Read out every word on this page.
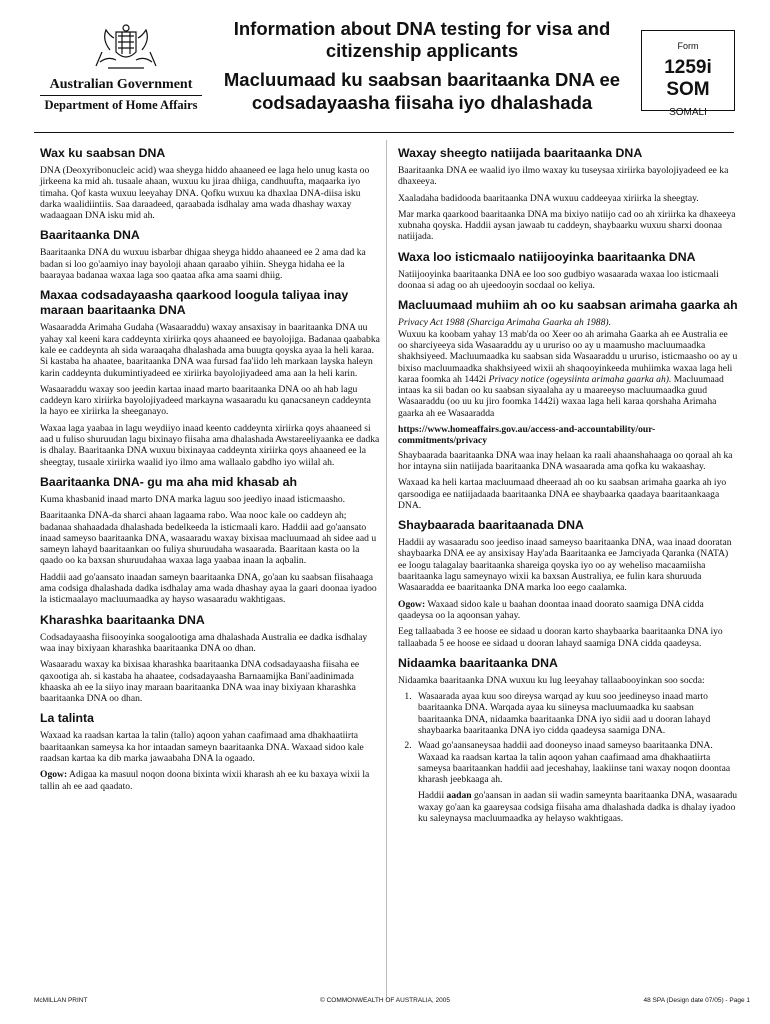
Australian Government
Department of Home Affairs
Information about DNA testing for visa and citizenship applicants
Macluumaad ku saabsan baaritaanka DNA ee codsadayaasha fiisaha iyo dhalashada
Form
1259i SOM
SOMALI
Wax ku saabsan DNA

DNA (Deoxyribonucleic acid) waa sheyga hiddo ahaaneed ee laga helo unug kasta oo jirkeena ka mid ah. tusaale ahaan, wuxuu ku jiraa dhiiga, candhuufta, maqaarka iyo timaha. Qof kasta wuxuu leeyahay DNA. Qofku wuxuu ka dhaxlaa DNA-diisa isku darka waalidiintiis. Saa daraadeed, qaraabada isdhalay ama wada dhashay waxay wadaagaan DNA isku mid ah.

Baaritaanka DNA

Baaritaanka DNA du wuxuu isbarbar dhigaa sheyga hiddo ahaaneed ee 2 ama dad ka badan si loo go'aamiyo inay bayoloji ahaan qaraabo yihiin. Sheyga hidaha ee la baarayaa badanaa waxaa laga soo qaataa afka ama saami dhiig.

Maxaa codsadayaasha qaarkood loogula taliyaa inay maraan baaritaanka DNA

Wasaaradda Arimaha Gudaha (Wasaaraddu) waxay ansaxisay in baaritaanka DNA uu yahay xal keeni kara caddeynta xiriirka qoys ahaaneed ee bayolojiga. Badanaa qaababka kale ee caddeynta ah sida waraaqaha dhalashada ama buugta qoyska ayaa la heli karaa. Si kastaba ha ahaatee, baaritaanka DNA waa fursad faa'iido leh markaan layska haleyn karin caddeynta dukumintiyadeed ee xiriirka bayolojiyadeed ama aan la heli karin.

Wasaaraddu waxay soo jeedin kartaa inaad marto baaritaanka DNA oo ah hab lagu caddeyn karo xiriirka bayolojiyadeed markayna wasaaradu ku qanacsaneyn caddeynta la hayo ee xiriirka la sheeganayo.

Waxaa laga yaabaa in lagu weydiiyo inaad keento caddeynta xiriirka qoys ahaaneed si aad u fuliso shuruudan lagu bixinayo fiisaha ama dhalashada Awstareeliyaanka ee dadka is dhalay. Baaritaanka DNA wuxuu bixinayaa caddeynta xiriirka qoys ahaaneed ee la sheegtay, tusaale xiriirka waalid iyo ilmo ama wallaalo gabdho iyo wiilal ah.

Baaritaanka DNA- gu ma aha mid khasab ah

Kuma khasbanid inaad marto DNA marka laguu soo jeediyo inaad isticmaasho.

Baaritaanka DNA-da sharci ahaan lagaama rabo. Waa nooc kale oo caddeyn ah; badanaa shahaadada dhalashada bedelkeeda la isticmaali karo. Haddii aad go'aansato inaad sameyso baaritaanka DNA, wasaaradu waxay bixisaa macluumaad ah sidee aad u sameyn lahayd baaritaankan oo fuliya shuruudaha wasaarada. Baaritaan kasta oo la qaado oo ka baxsan shuruudahaa waxaa laga yaabaa inaan la aqbalin.

Haddii aad go'aansato inaadan sameyn baaritaanka DNA, go'aan ku saabsan fiisahaaga ama codsiga dhalashada dadka isdhalay ama wada dhashay ayaa la gaari doonaa iyadoo la isticmaalayo macluumaadka ay hayso wasaaradu wakhtigaas.

Kharashka baaritaanka DNA

Codsadayaasha fiisooyinka soogalootiga ama dhalashada Australia ee dadka isdhalay waa inay bixiyaan kharashka baaritaanka DNA oo dhan.

Wasaaradu waxay ka bixisaa kharashka baaritaanka DNA codsadayaasha fiisaha ee qaxootiga ah. si kastaba ha ahaatee, codsadayaasha Barnaamijka Bani'aadinimada khaaska ah ee la siiyo inay maraan baaritaanka DNA waa inay bixiyaan kharashka baaritaanka DNA oo dhan.

La talinta

Waxaad ka raadsan kartaa la talin (tallo) aqoon yahan caafimaad ama dhakhaatiirta baaritaankan sameysa ka hor intaadan sameyn baaritaanka DNA. Waxaad sidoo kale raadsan kartaa ka dib marka jawaabaha DNA la ogaado.

Ogow: Adigaa ka masuul noqon doona bixinta wixii kharash ah ee ku baxaya wixii la tallin ah ee aad qaadato.

Waxay sheegto natiijada baaritaanka DNA

Baaritaanka DNA ee waalid iyo ilmo waxay ku tuseysaa xiriirka bayolojiyadeed ee ka dhaxeeya.

Xaaladaha badidooda baaritaanka DNA wuxuu caddeeyaa xiriirka la sheegtay.

Mar marka qaarkood baaritaanka DNA ma bixiyo natiijo cad oo ah xiriirka ka dhaxeeya xubnaha qoyska. Haddii aysan jawaab tu caddeyn, shaybaarku wuxuu sharxi doonaa natiijada.

Waxa loo isticmaalo natiijooyinka baaritaanka DNA

Natiijooyinka baaritaanka DNA ee loo soo gudbiyo wasaarada waxaa loo isticmaali doonaa si adag oo ah ujeedooyin socdaal oo keliya.

Macluumaad muhiim ah oo ku saabsan arimaha gaarka ah

Privacy Act 1988 (Sharciga Arimaha Gaarka ah 1988).
Wuxuu ka koobam yahay 13 mab'da oo Xeer oo ah arimaha Gaarka ah ee Australia ee oo sharciyeeya sida Wasaaraddu ay u ururiso oo ay u maamusho macluumaadka shakhsiyeed. Macluumaadka ku saabsan sida Wasaaraddu u ururiso, isticmaasho oo ay u bixiso macluumaadka shakhsiyeed wixii ah shaqooyinkeeda muhiimka waxaa laga heli karaa foomka ah 1442i Privacy notice (ogeysiinta arimaha gaarka ah). Macluumaad intaas ka sii badan oo ku saabsan siyaalaha ay u maareeyso macluumaadka guud Wasaaraddu (oo uu ku jiro foomka 1442i) waxaa laga heli karaa qorshaha Arimaha gaarka ah ee Wasaaradda

https://www.homeaffairs.gov.au/access-and-accountability/our-commitments/privacy

Shaybaarada baaritaanka DNA waa inay helaan ka raali ahaanshahaaga oo qoraal ah ka hor intayna siin natiijada baaritaanka DNA wasaarada ama qofka ku wakaashay.

Waxaad ka heli kartaa macluumaad dheeraad ah oo ku saabsan arimaha gaarka ah iyo qarsoodiga ee natiijadaada baaritaanka DNA ee shaybaarka qaadaya baaritaankaaga DNA.

Shaybaarada baaritaanada DNA

Haddii ay wasaaradu soo jeediso inaad sameyso baaritaanka DNA, waa inaad dooratan shaybaarka DNA ee ay ansixisay Hay'ada Baaritaanka ee Jamciyada Qaranka (NATA) ee loogu talagalay baaritaanka shareiga qoyska iyo oo ay weheliso macaamiisha baaritaanka lagu sameynayo wixii ka baxsan Australiya, ee fulin kara shuruuda Wasaaradda ee baaritaanka DNA marka loo eego caalamka.

Ogow: Waxaad sidoo kale u baahan doontaa inaad doorato saamiga DNA cidda qaadeysa oo la aqoonsan yahay.

Eeg tallaabada 3 ee hoose ee sidaad u dooran karto shaybaarka baaritaanka DNA iyo tallaabada 5 ee hoose ee sidaad u dooran lahayd saamiga DNA cidda qaadeysa.

Nidaamka baaritaanka DNA

Nidaamka baaritaanka DNA wuxuu ku lug leeyahay tallaabooyinkan soo socda:

1. Wasaarada ayaa kuu soo direysa warqad ay kuu soo jeedineyso inaad marto baaritaanka DNA. Warqada ayaa ku siineysa macluumaadka ku saabsan baaritaanka DNA, nidaamka baaritaanka DNA iyo sidii aad u dooran lahayd shaybaarka baaritaanka DNA iyo cidda qaadeysa saamiga DNA.
2. Waad go'aansaneysaa haddii aad dooneyso inaad sameyso baaritaanka DNA. Waxaad ka raadsan kartaa la talin aqoon yahan caafimaad ama dhakhaatiirta sameysa baaritaankan haddii aad jeceshahay, laakiinse tani waxay noqon doontaa kharash jeebkaaga ah.

Haddii aadan go'aansan in aadan sii wadin sameynta baaritaanka DNA, wasaaradu waxay go'aan ka gaareysaa codsiga fiisaha ama dhalashada dadka is dhalay iyadoo ku saleynaysa macluumaadka ay helayso wakhtigaas.

McMILLAN PRINT	© COMMONWEALTH OF AUSTRALIA, 2005	48 SPA (Design date 07/05) - Page 1
